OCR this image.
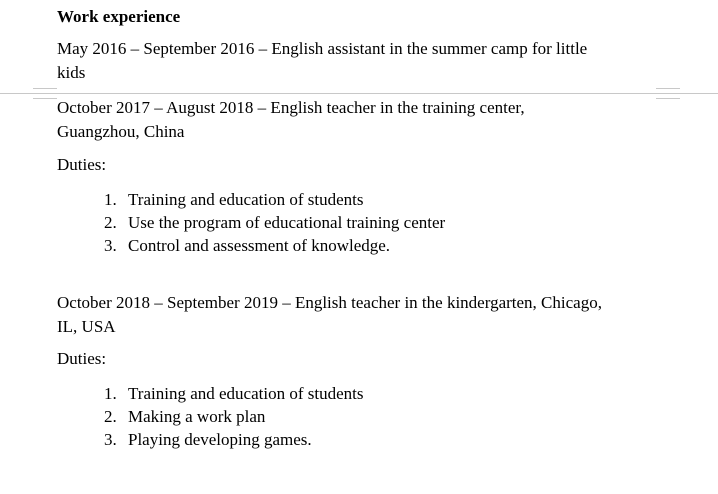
Work experience
May 2016 – September 2016 – English assistant in the summer camp for little
kids
October 2017 – August 2018 – English teacher in the training center,
Guangzhou, China
Duties:
1. Training and education of students
2. Use the program of educational training center
3. Control and assessment of knowledge.
October 2018 – September 2019 – English teacher in the kindergarten, Chicago,
IL, USA
Duties:
1. Training and education of students
2. Making a work plan
3. Playing developing games.
